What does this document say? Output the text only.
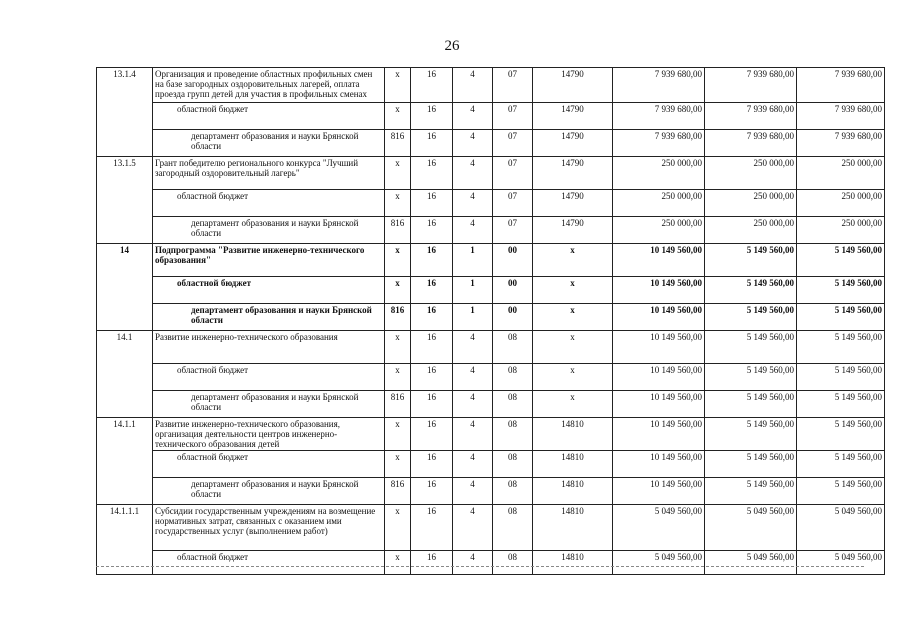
26
13.1.4	Организация и проведение областных профильных смен на базе загородных оздоровительных лагерей, оплата проезда групп детей для участия в профильных сменах	x	16	4	07	14790	7 939 680,00	7 939 680,00	7 939 680,00
	областной бюджет	x	16	4	07	14790	7 939 680,00	7 939 680,00	7 939 680,00
	департамент образования и науки Брянской области	816	16	4	07	14790	7 939 680,00	7 939 680,00	7 939 680,00
13.1.5	Грант победителю регионального конкурса "Лучший загородный оздоровительный лагерь"	x	16	4	07	14790	250 000,00	250 000,00	250 000,00
	областной бюджет	x	16	4	07	14790	250 000,00	250 000,00	250 000,00
	департамент образования и науки Брянской области	816	16	4	07	14790	250 000,00	250 000,00	250 000,00
14	Подпрограмма "Развитие инженерно-технического образования"	x	16	1	00	x	10 149 560,00	5 149 560,00	5 149 560,00
	областной бюджет	x	16	1	00	x	10 149 560,00	5 149 560,00	5 149 560,00
	департамент образования и науки Брянской области	816	16	1	00	x	10 149 560,00	5 149 560,00	5 149 560,00
14.1	Развитие инженерно-технического образования	x	16	4	08	x	10 149 560,00	5 149 560,00	5 149 560,00
	областной бюджет	x	16	4	08	x	10 149 560,00	5 149 560,00	5 149 560,00
	департамент образования и науки Брянской области	816	16	4	08	x	10 149 560,00	5 149 560,00	5 149 560,00
14.1.1	Развитие инженерно-технического образования, организация деятельности центров инженерно-технического образования детей	x	16	4	08	14810	10 149 560,00	5 149 560,00	5 149 560,00
	областной бюджет	x	16	4	08	14810	10 149 560,00	5 149 560,00	5 149 560,00
	департамент образования и науки Брянской области	816	16	4	08	14810	10 149 560,00	5 149 560,00	5 149 560,00
14.1.1.1	Субсидии государственным учреждениям на возмещение нормативных затрат, связанных с оказанием ими государственных услуг (выполнением работ)	x	16	4	08	14810	5 049 560,00	5 049 560,00	5 049 560,00
	областной бюджет	x	16	4	08	14810	5 049 560,00	5 049 560,00	5 049 560,00
